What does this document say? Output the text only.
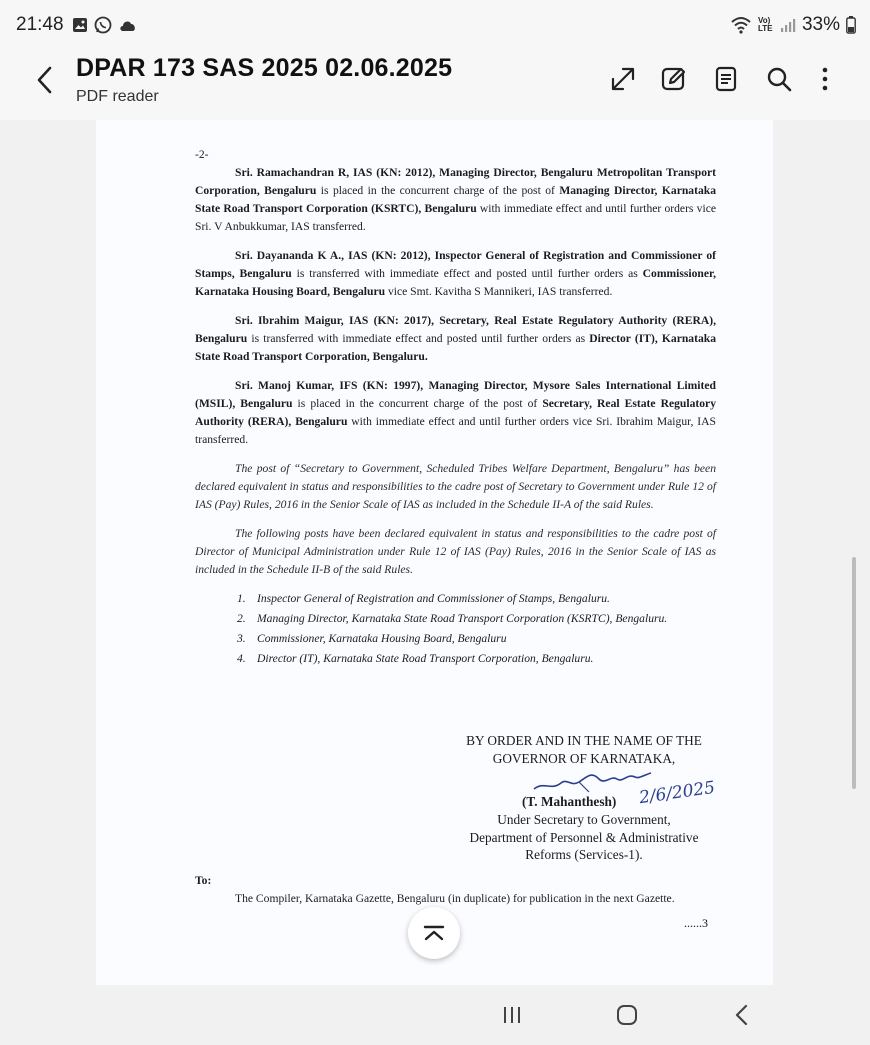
21:48	Vo) LTE 33%
DPAR 173 SAS 2025 02.06.2025
PDF reader

-2-

Sri. Ramachandran R, IAS (KN: 2012), Managing Director, Bengaluru Metropolitan Transport Corporation, Bengaluru is placed in the concurrent charge of the post of Managing Director, Karnataka State Road Transport Corporation (KSRTC), Bengaluru with immediate effect and until further orders vice Sri. V Anbukkumar, IAS transferred.

Sri. Dayananda K A., IAS (KN: 2012), Inspector General of Registration and Commissioner of Stamps, Bengaluru is transferred with immediate effect and posted until further orders as Commissioner, Karnataka Housing Board, Bengaluru vice Smt. Kavitha S Mannikeri, IAS transferred.

Sri. Ibrahim Maigur, IAS (KN: 2017), Secretary, Real Estate Regulatory Authority (RERA), Bengaluru is transferred with immediate effect and posted until further orders as Director (IT), Karnataka State Road Transport Corporation, Bengaluru.

Sri. Manoj Kumar, IFS (KN: 1997), Managing Director, Mysore Sales International Limited (MSIL), Bengaluru is placed in the concurrent charge of the post of Secretary, Real Estate Regulatory Authority (RERA), Bengaluru with immediate effect and until further orders vice Sri. Ibrahim Maigur, IAS transferred.

The post of “Secretary to Government, Scheduled Tribes Welfare Department, Bengaluru” has been declared equivalent in status and responsibilities to the cadre post of Secretary to Government under Rule 12 of IAS (Pay) Rules, 2016 in the Senior Scale of IAS as included in the Schedule II-A of the said Rules.

The following posts have been declared equivalent in status and responsibilities to the cadre post of Director of Municipal Administration under Rule 12 of IAS (Pay) Rules, 2016 in the Senior Scale of IAS as included in the Schedule II-B of the said Rules.

1. Inspector General of Registration and Commissioner of Stamps, Bengaluru.
2. Managing Director, Karnataka State Road Transport Corporation (KSRTC), Bengaluru.
3. Commissioner, Karnataka Housing Board, Bengaluru
4. Director (IT), Karnataka State Road Transport Corporation, Bengaluru.
BY ORDER AND IN THE NAME OF THE
GOVERNOR OF KARNATAKA,
(T. Mahanthesh) 2/6/2025
Under Secretary to Government,
Department of Personnel & Administrative
Reforms (Services-1).
To:

The Compiler, Karnataka Gazette, Bengaluru (in duplicate) for publication in the next Gazette.

......3
